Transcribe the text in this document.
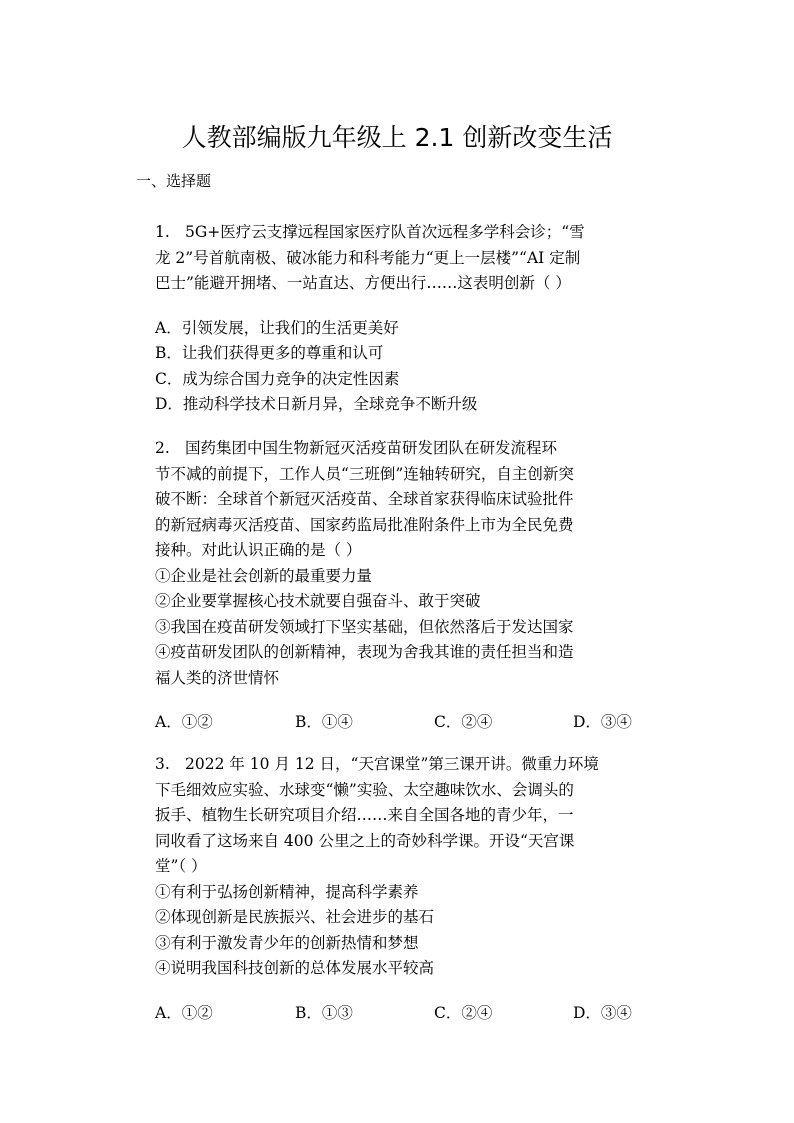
人教部编版九年级上 2.1 创新改变生活
一、选择题
1. 5G+医疗云支撑远程国家医疗队首次远程多学科会诊；“雪
龙 2”号首航南极、破冰能力和科考能力“更上一层楼”“AI 定制
巴士”能避开拥堵、一站直达、方便出行……这表明创新（ ）
A．引领发展，让我们的生活更美好
B．让我们获得更多的尊重和认可
C．成为综合国力竞争的决定性因素
D．推动科学技术日新月异，全球竞争不断升级
2. 国药集团中国生物新冠灭活疫苗研发团队在研发流程环
节不减的前提下，工作人员“三班倒”连轴转研究，自主创新突
破不断：全球首个新冠灭活疫苗、全球首家获得临床试验批件
的新冠病毒灭活疫苗、国家药监局批准附条件上市为全民免费
接种。对此认识正确的是（ ）
①企业是社会创新的最重要力量
②企业要掌握核心技术就要自强奋斗、敢于突破
③我国在疫苗研发领域打下坚实基础，但依然落后于发达国家
④疫苗研发团队的创新精神，表现为舍我其谁的责任担当和造
福人类的济世情怀
A．①②	B．①④	C．②④	D．③④
3. 2022 年 10 月 12 日，“天宫课堂”第三课开讲。微重力环境
下毛细效应实验、水球变“懒”实验、太空趣味饮水、会调头的
扳手、植物生长研究项目介绍……来自全国各地的青少年，一
同收看了这场来自 400 公里之上的奇妙科学课。开设“天宫课
堂”（ ）
①有利于弘扬创新精神，提高科学素养
②体现创新是民族振兴、社会进步的基石
③有利于激发青少年的创新热情和梦想
④说明我国科技创新的总体发展水平较高
A．①②	B．①③	C．②④	D．③④
